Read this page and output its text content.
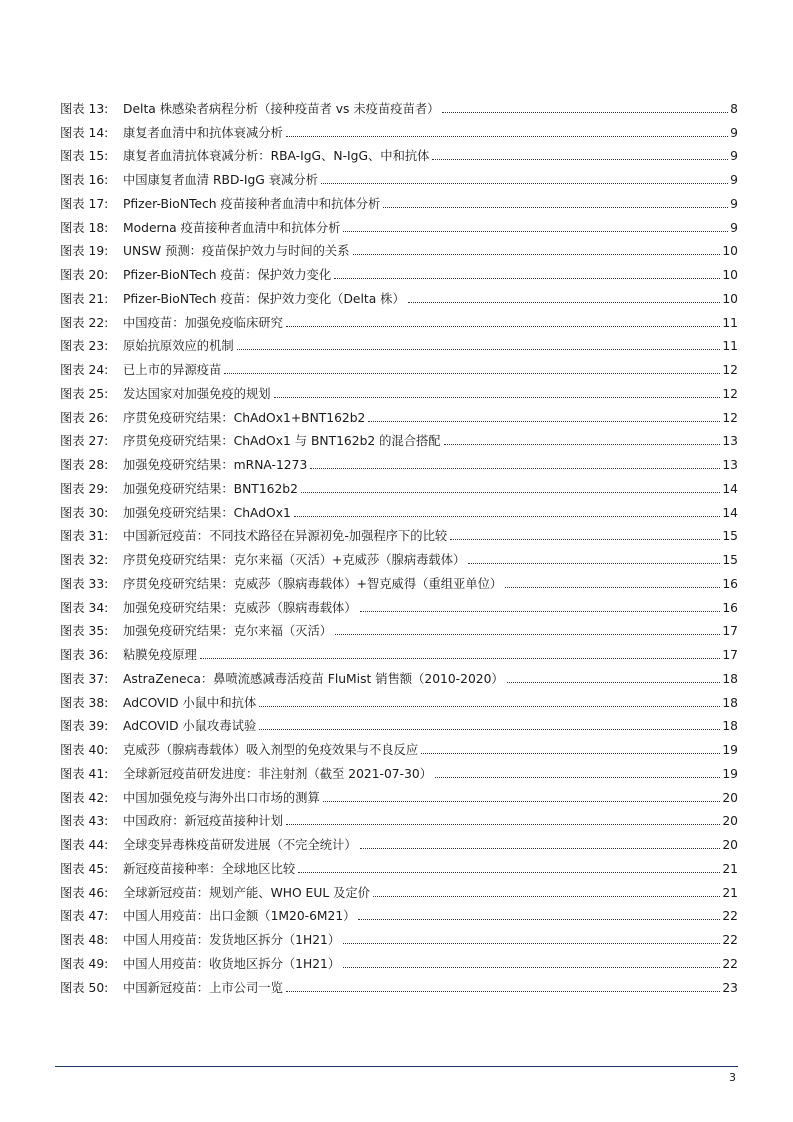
图表 13:	Delta 株感染者病程分析（接种疫苗者 vs 未疫苗疫苗者）	8
图表 14:	康复者血清中和抗体衰减分析	9
图表 15:	康复者血清抗体衰减分析：RBA-IgG、N-IgG、中和抗体	9
图表 16:	中国康复者血清 RBD-IgG 衰减分析	9
图表 17:	Pfizer-BioNTech 疫苗接种者血清中和抗体分析	9
图表 18:	Moderna 疫苗接种者血清中和抗体分析	9
图表 19:	UNSW 预测：疫苗保护效力与时间的关系	10
图表 20:	Pfizer-BioNTech 疫苗：保护效力变化	10
图表 21:	Pfizer-BioNTech 疫苗：保护效力变化（Delta 株）	10
图表 22:	中国疫苗：加强免疫临床研究	11
图表 23:	原始抗原效应的机制	11
图表 24:	已上市的异源疫苗	12
图表 25:	发达国家对加强免疫的规划	12
图表 26:	序贯免疫研究结果：ChAdOx1+BNT162b2	12
图表 27:	序贯免疫研究结果：ChAdOx1 与 BNT162b2 的混合搭配	13
图表 28:	加强免疫研究结果：mRNA-1273	13
图表 29:	加强免疫研究结果：BNT162b2	14
图表 30:	加强免疫研究结果：ChAdOx1	14
图表 31:	中国新冠疫苗：不同技术路径在异源初免-加强程序下的比较	15
图表 32:	序贯免疫研究结果：克尔来福（灭活）+克威莎（腺病毒载体）	15
图表 33:	序贯免疫研究结果：克威莎（腺病毒载体）+智克威得（重组亚单位）	16
图表 34:	加强免疫研究结果：克威莎（腺病毒载体）	16
图表 35:	加强免疫研究结果：克尔来福（灭活）	17
图表 36:	粘膜免疫原理	17
图表 37:	AstraZeneca：鼻喷流感减毒活疫苗 FluMist 销售额（2010-2020）	18
图表 38:	AdCOVID 小鼠中和抗体	18
图表 39:	AdCOVID 小鼠攻毒试验	18
图表 40:	克威莎（腺病毒载体）吸入剂型的免疫效果与不良反应	19
图表 41:	全球新冠疫苗研发进度：非注射剂（截至 2021-07-30）	19
图表 42:	中国加强免疫与海外出口市场的测算	20
图表 43:	中国政府：新冠疫苗接种计划	20
图表 44:	全球变异毒株疫苗研发进展（不完全统计）	20
图表 45:	新冠疫苗接种率：全球地区比较	21
图表 46:	全球新冠疫苗：规划产能、WHO EUL 及定价	21
图表 47:	中国人用疫苗：出口金额（1M20-6M21）	22
图表 48:	中国人用疫苗：发货地区拆分（1H21）	22
图表 49:	中国人用疫苗：收货地区拆分（1H21）	22
图表 50:	中国新冠疫苗：上市公司一览	23
3
